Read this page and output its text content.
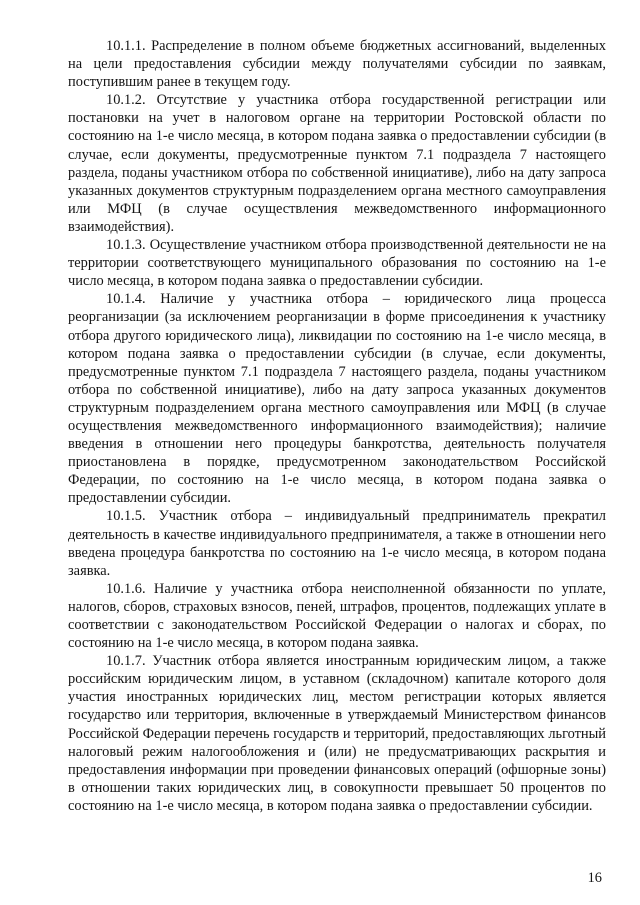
10.1.1. Распределение в полном объеме бюджетных ассигнований, выделенных на цели предоставления субсидии между получателями субсидии по заявкам, поступившим ранее в текущем году.

10.1.2. Отсутствие у участника отбора государственной регистрации или постановки на учет в налоговом органе на территории Ростовской области по состоянию на 1-е число месяца, в котором подана заявка о предоставлении субсидии (в случае, если документы, предусмотренные пунктом 7.1 подраздела 7 настоящего раздела, поданы участником отбора по собственной инициативе), либо на дату запроса указанных документов структурным подразделением органа местного самоуправления или МФЦ (в случае осуществления межведомственного информационного взаимодействия).

10.1.3. Осуществление участником отбора производственной деятельности не на территории соответствующего муниципального образования по состоянию на 1-е число месяца, в котором подана заявка о предоставлении субсидии.

10.1.4. Наличие у участника отбора – юридического лица процесса реорганизации (за исключением реорганизации в форме присоединения к участнику отбора другого юридического лица), ликвидации по состоянию на 1-е число месяца, в котором подана заявка о предоставлении субсидии (в случае, если документы, предусмотренные пунктом 7.1 подраздела 7 настоящего раздела, поданы участником отбора по собственной инициативе), либо на дату запроса указанных документов структурным подразделением органа местного самоуправления или МФЦ (в случае осуществления межведомственного информационного взаимодействия); наличие введения в отношении него процедуры банкротства, деятельность получателя приостановлена в порядке, предусмотренном законодательством Российской Федерации, по состоянию на 1-е число месяца, в котором подана заявка о предоставлении субсидии.

10.1.5. Участник отбора – индивидуальный предприниматель прекратил деятельность в качестве индивидуального предпринимателя, а также в отношении него введена процедура банкротства по состоянию на 1-е число месяца, в котором подана заявка.

10.1.6. Наличие у участника отбора неисполненной обязанности по уплате, налогов, сборов, страховых взносов, пеней, штрафов, процентов, подлежащих уплате в соответствии с законодательством Российской Федерации о налогах и сборах, по состоянию на 1-е число месяца, в котором подана заявка.

10.1.7. Участник отбора является иностранным юридическим лицом, а также российским юридическим лицом, в уставном (складочном) капитале которого доля участия иностранных юридических лиц, местом регистрации которых является государство или территория, включенные в утверждаемый Министерством финансов Российской Федерации перечень государств и территорий, предоставляющих льготный налоговый режим налогообложения и (или) не предусматривающих раскрытия и предоставления информации при проведении финансовых операций (офшорные зоны) в отношении таких юридических лиц, в совокупности превышает 50 процентов по состоянию на 1-е число месяца, в котором подана заявка о предоставлении субсидии.

16
